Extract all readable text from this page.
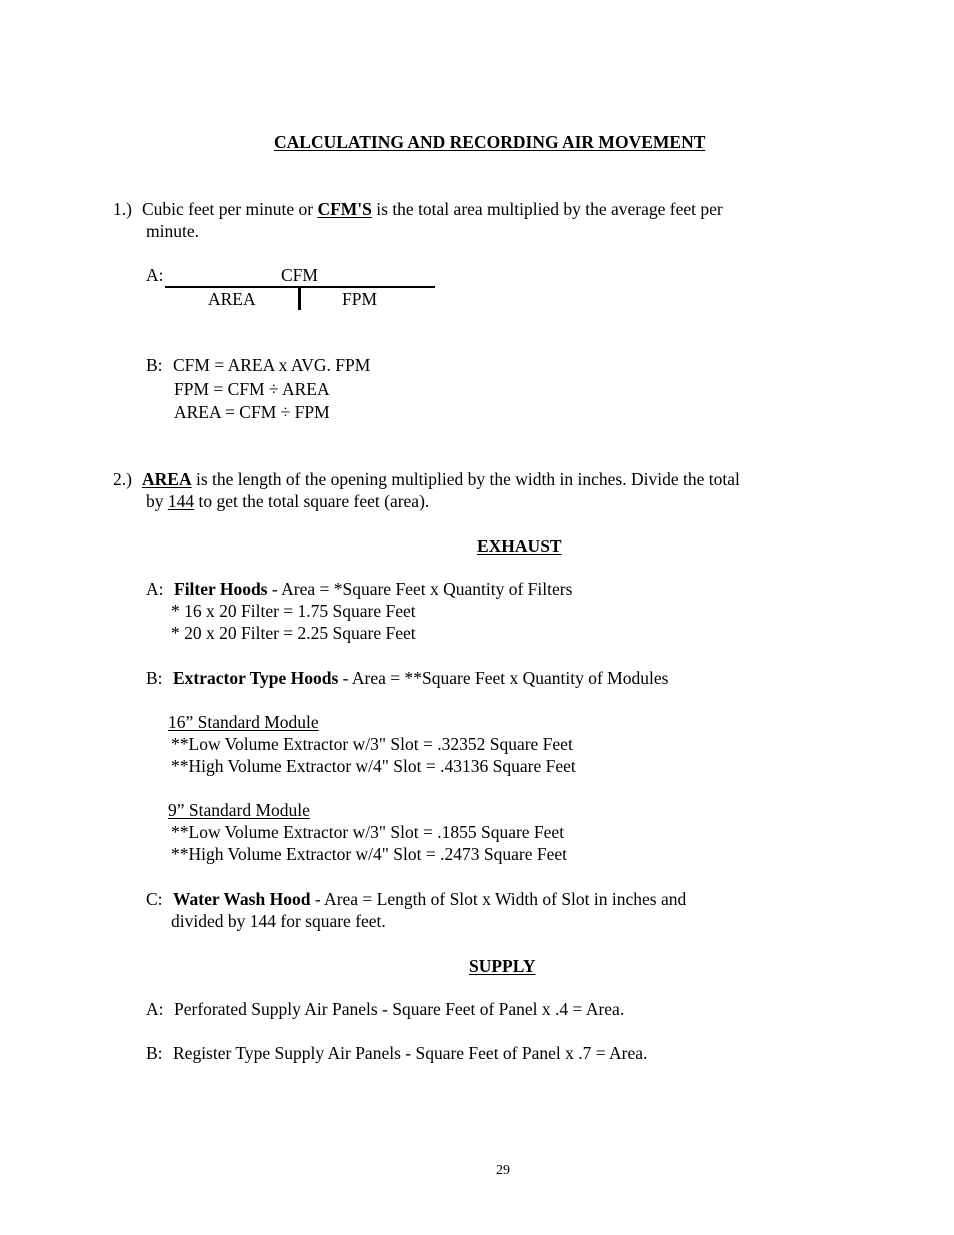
CALCULATING AND RECORDING AIR MOVEMENT
1.) Cubic feet per minute or CFM'S is the total area multiplied by the average feet per
minute.
A:	CFM
AREA	FPM
B: CFM = AREA x AVG. FPM
FPM = CFM ÷ AREA
AREA = CFM ÷ FPM
2.) AREA is the length of the opening multiplied by the width in inches. Divide the total
by 144 to get the total square feet (area).
EXHAUST
A: Filter Hoods - Area = *Square Feet x Quantity of Filters
* 16 x 20 Filter = 1.75 Square Feet
* 20 x 20 Filter = 2.25 Square Feet
B: Extractor Type Hoods - Area = **Square Feet x Quantity of Modules
16” Standard Module
**Low Volume Extractor w/3" Slot = .32352 Square Feet
**High Volume Extractor w/4" Slot = .43136 Square Feet
9” Standard Module
**Low Volume Extractor w/3" Slot = .1855 Square Feet
**High Volume Extractor w/4" Slot = .2473 Square Feet
C: Water Wash Hood - Area = Length of Slot x Width of Slot in inches and
divided by 144 for square feet.
SUPPLY
A: Perforated Supply Air Panels - Square Feet of Panel x .4 = Area.
B: Register Type Supply Air Panels - Square Feet of Panel x .7 = Area.
29
